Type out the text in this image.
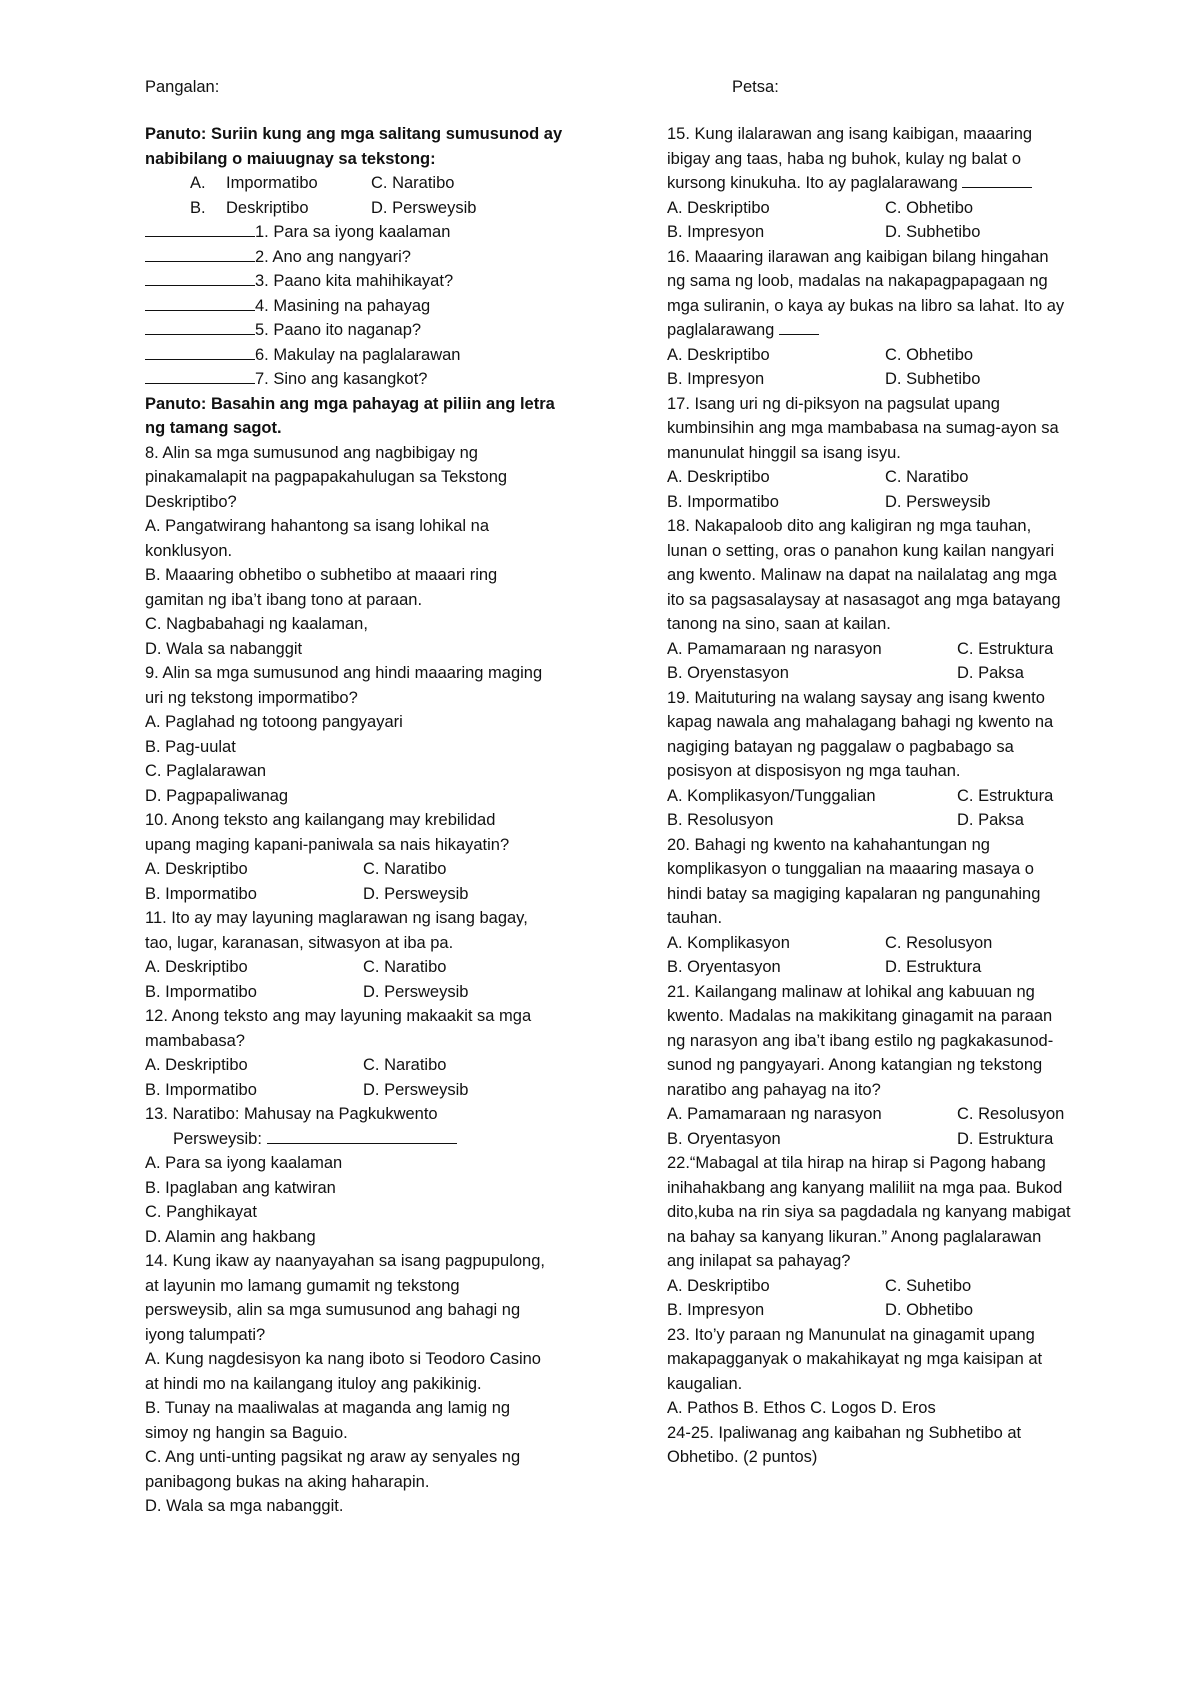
Pangalan:	Petsa:
Panuto: Suriin kung ang mga salitang sumusunod ay
nabibilang o maiuugnay sa tekstong:
A.	Impormatibo	C. Naratibo
B.	Deskriptibo	D. Persweysib
1. Para sa iyong kaalaman
2. Ano ang nangyari?
3. Paano kita mahihikayat?
4. Masining na pahayag
5. Paano ito naganap?
6. Makulay na paglalarawan
7. Sino ang kasangkot?
Panuto: Basahin ang mga pahayag at piliin ang letra
ng tamang sagot.
8. Alin sa mga sumusunod ang nagbibigay ng
pinakamalapit na pagpapakahulugan sa Tekstong
Deskriptibo?
A. Pangatwirang hahantong sa isang lohikal na
konklusyon.
B. Maaaring obhetibo o subhetibo at maaari ring
gamitan ng iba’t ibang tono at paraan.
C. Nagbabahagi ng kaalaman,
D. Wala sa nabanggit
9. Alin sa mga sumusunod ang hindi maaaring maging
uri ng tekstong impormatibo?
A. Paglahad ng totoong pangyayari
B. Pag-uulat
C. Paglalarawan
D. Pagpapaliwanag
10. Anong teksto ang kailangang may krebilidad
upang maging kapani-paniwala sa nais hikayatin?
A. Deskriptibo	C. Naratibo
B. Impormatibo	D. Persweysib
11. Ito ay may layuning maglarawan ng isang bagay,
tao, lugar, karanasan, sitwasyon at iba pa.
A. Deskriptibo	C. Naratibo
B. Impormatibo	D. Persweysib
12. Anong teksto ang may layuning makaakit sa mga
mambabasa?
A. Deskriptibo	C. Naratibo
B. Impormatibo	D. Persweysib
13. Naratibo: Mahusay na Pagkukwento
Persweysib:
A. Para sa iyong kaalaman
B. Ipaglaban ang katwiran
C. Panghikayat
D. Alamin ang hakbang
14. Kung ikaw ay naanyayahan sa isang pagpupulong,
at layunin mo lamang gumamit ng tekstong
persweysib, alin sa mga sumusunod ang bahagi ng
iyong talumpati?
A. Kung nagdesisyon ka nang iboto si Teodoro Casino
at hindi mo na kailangang ituloy ang pakikinig.
B. Tunay na maaliwalas at maganda ang lamig ng
simoy ng hangin sa Baguio.
C. Ang unti-unting pagsikat ng araw ay senyales ng
panibagong bukas na aking haharapin.
D. Wala sa mga nabanggit.
15. Kung ilalarawan ang isang kaibigan, maaaring
ibigay ang taas, haba ng buhok, kulay ng balat o
kursong kinukuha. Ito ay paglalarawang
A. Deskriptibo	C. Obhetibo
B. Impresyon	D. Subhetibo
16. Maaaring ilarawan ang kaibigan bilang hingahan
ng sama ng loob, madalas na nakapagpapagaan ng
mga suliranin, o kaya ay bukas na libro sa lahat. Ito ay
paglalarawang
A. Deskriptibo	C. Obhetibo
B. Impresyon	D. Subhetibo
17. Isang uri ng di-piksyon na pagsulat upang
kumbinsihin ang mga mambabasa na sumag-ayon sa
manunulat hinggil sa isang isyu.
A. Deskriptibo	C. Naratibo
B. Impormatibo	D. Persweysib
18. Nakapaloob dito ang kaligiran ng mga tauhan,
lunan o setting, oras o panahon kung kailan nangyari
ang kwento. Malinaw na dapat na nailalatag ang mga
ito sa pagsasalaysay at nasasagot ang mga batayang
tanong na sino, saan at kailan.
A. Pamamaraan ng narasyon	C. Estruktura
B. Oryenstasyon	D. Paksa
19. Maituturing na walang saysay ang isang kwento
kapag nawala ang mahalagang bahagi ng kwento na
nagiging batayan ng paggalaw o pagbabago sa
posisyon at disposisyon ng mga tauhan.
A. Komplikasyon/Tunggalian	C. Estruktura
B. Resolusyon	D. Paksa
20. Bahagi ng kwento na kahahantungan ng
komplikasyon o tunggalian na maaaring masaya o
hindi batay sa magiging kapalaran ng pangunahing
tauhan.
A. Komplikasyon	C. Resolusyon
B. Oryentasyon	D. Estruktura
21. Kailangang malinaw at lohikal ang kabuuan ng
kwento. Madalas na makikitang ginagamit na paraan
ng narasyon ang iba’t ibang estilo ng pagkakasunod-
sunod ng pangyayari. Anong katangian ng tekstong
naratibo ang pahayag na ito?
A. Pamamaraan ng narasyon	C. Resolusyon
B. Oryentasyon	D. Estruktura
22.“Mabagal at tila hirap na hirap si Pagong habang
inihahakbang ang kanyang maliliit na mga paa. Bukod
dito,kuba na rin siya sa pagdadala ng kanyang mabigat
na bahay sa kanyang likuran.” Anong paglalarawan
ang inilapat sa pahayag?
A. Deskriptibo	C. Suhetibo
B. Impresyon	D. Obhetibo
23. Ito’y paraan ng Manunulat na ginagamit upang
makapagganyak o makahikayat ng mga kaisipan at
kaugalian.
A. Pathos B. Ethos C. Logos D. Eros
24-25. Ipaliwanag ang kaibahan ng Subhetibo at
Obhetibo. (2 puntos)
